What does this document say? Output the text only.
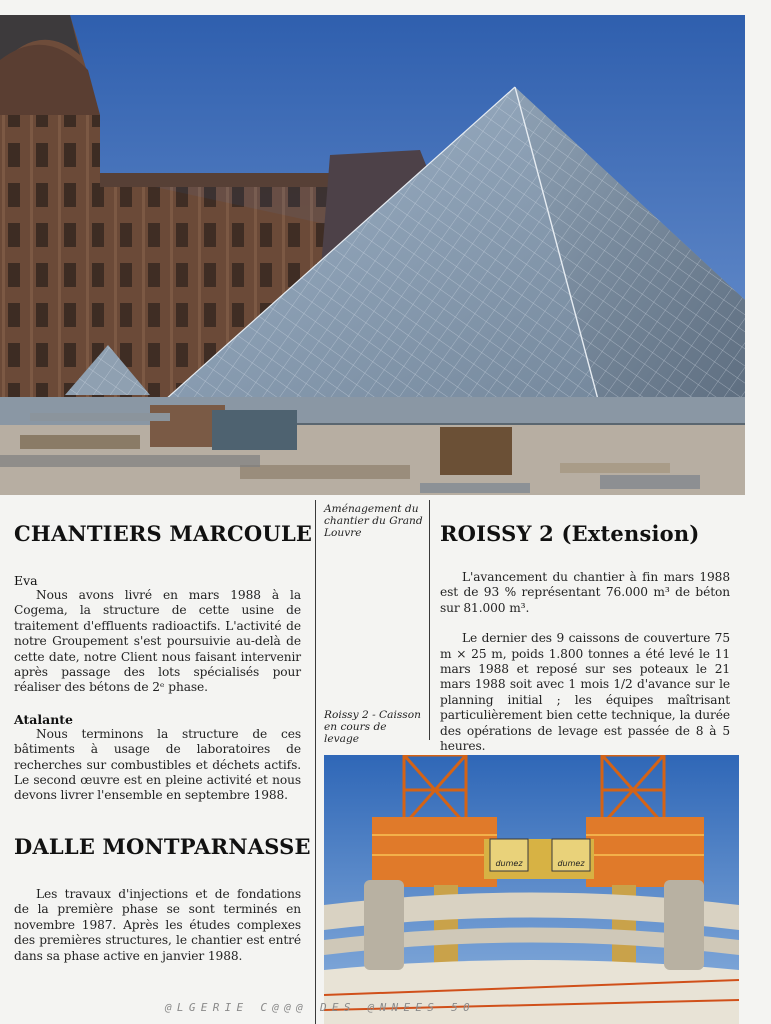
CHANTIERS MARCOULE

Eva

Nous avons livré en mars 1988 à la Cogema, la structure de cette usine de traitement d'effluents radioactifs. L'activité de notre Groupement s'est poursuivie au-delà de cette date, notre Client nous faisant intervenir après passage des lots spécialisés pour réaliser des bétons de 2ᵉ phase.

Atalante

Nous terminons la structure de ces bâtiments à usage de laboratoires de recherches sur combustibles et déchets actifs. Le second œuvre est en pleine activité et nous devons livrer l'ensemble en septembre 1988.

DALLE MONTPARNASSE

Les travaux d'injections et de fondations de la première phase se sont terminés en novembre 1987. Après les études complexes des premières structures, le chantier est entré dans sa phase active en janvier 1988.

Aménagement du chantier du Grand Louvre
Roissy 2 - Caisson en cours de levage
ROISSY 2 (Extension)

L'avancement du chantier à fin mars 1988 est de 93 % représentant 76.000 m³ de béton sur 81.000 m³.

Le dernier des 9 caissons de couverture 75 m × 25 m, poids 1.800 tonnes a été levé le 11 mars 1988 et reposé sur ses poteaux le 21 mars 1988 soit avec 1 mois 1/2 d'avance sur le planning initial ; les équipes maîtrisant particulièrement bien cette technique, la durée des opérations de levage est passée de 8 à 5 heures.

dumez	dumez
@LGERIE C@@@ DES @NNEES 50
